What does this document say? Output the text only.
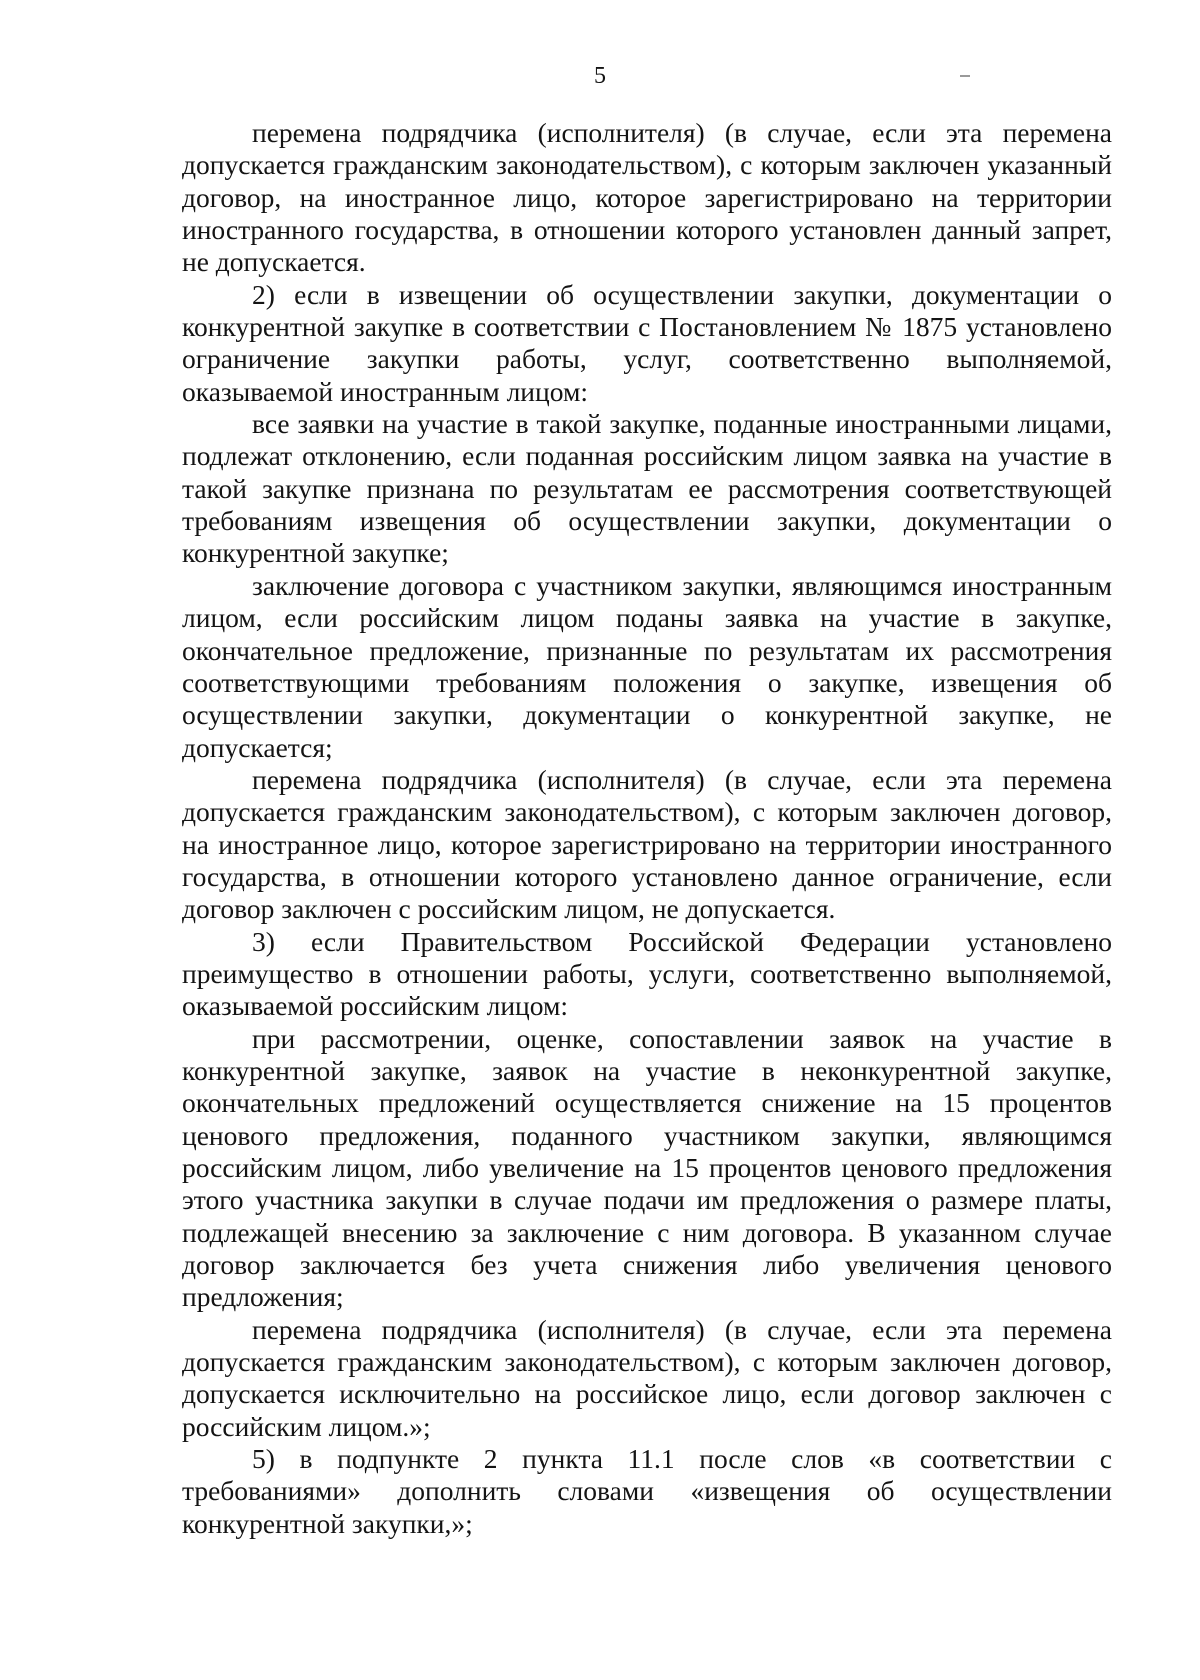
5

перемена подрядчика (исполнителя) (в случае, если эта перемена допускается гражданским законодательством), с которым заключен указанный договор, на иностранное лицо, которое зарегистрировано на территории иностранного государства, в отношении которого установлен данный запрет, не допускается.

2) если в извещении об осуществлении закупки, документации о конкурентной закупке в соответствии с Постановлением № 1875 установлено ограничение закупки работы, услуг, соответственно выполняемой, оказываемой иностранным лицом:

все заявки на участие в такой закупке, поданные иностранными лицами, подлежат отклонению, если поданная российским лицом заявка на участие в такой закупке признана по результатам ее рассмотрения соответствующей требованиям извещения об осуществлении закупки, документации о конкурентной закупке;

заключение договора с участником закупки, являющимся иностранным лицом, если российским лицом поданы заявка на участие в закупке, окончательное предложение, признанные по результатам их рассмотрения соответствующими требованиям положения о закупке, извещения об осуществлении закупки, документации о конкурентной закупке, не допускается;

перемена подрядчика (исполнителя) (в случае, если эта перемена допускается гражданским законодательством), с которым заключен договор, на иностранное лицо, которое зарегистрировано на территории иностранного государства, в отношении которого установлено данное ограничение, если договор заключен с российским лицом, не допускается.

3) если Правительством Российской Федерации установлено преимущество в отношении работы, услуги, соответственно выполняемой, оказываемой российским лицом:

при рассмотрении, оценке, сопоставлении заявок на участие в конкурентной закупке, заявок на участие в неконкурентной закупке, окончательных предложений осуществляется снижение на 15 процентов ценового предложения, поданного участником закупки, являющимся российским лицом, либо увеличение на 15 процентов ценового предложения этого участника закупки в случае подачи им предложения о размере платы, подлежащей внесению за заключение с ним договора. В указанном случае договор заключается без учета снижения либо увеличения ценового предложения;

перемена подрядчика (исполнителя) (в случае, если эта перемена допускается гражданским законодательством), с которым заключен договор, допускается исключительно на российское лицо, если договор заключен с российским лицом.»;

5) в подпункте 2 пункта 11.1 после слов «в соответствии с требованиями» дополнить словами «извещения об осуществлении конкурентной закупки,»;
